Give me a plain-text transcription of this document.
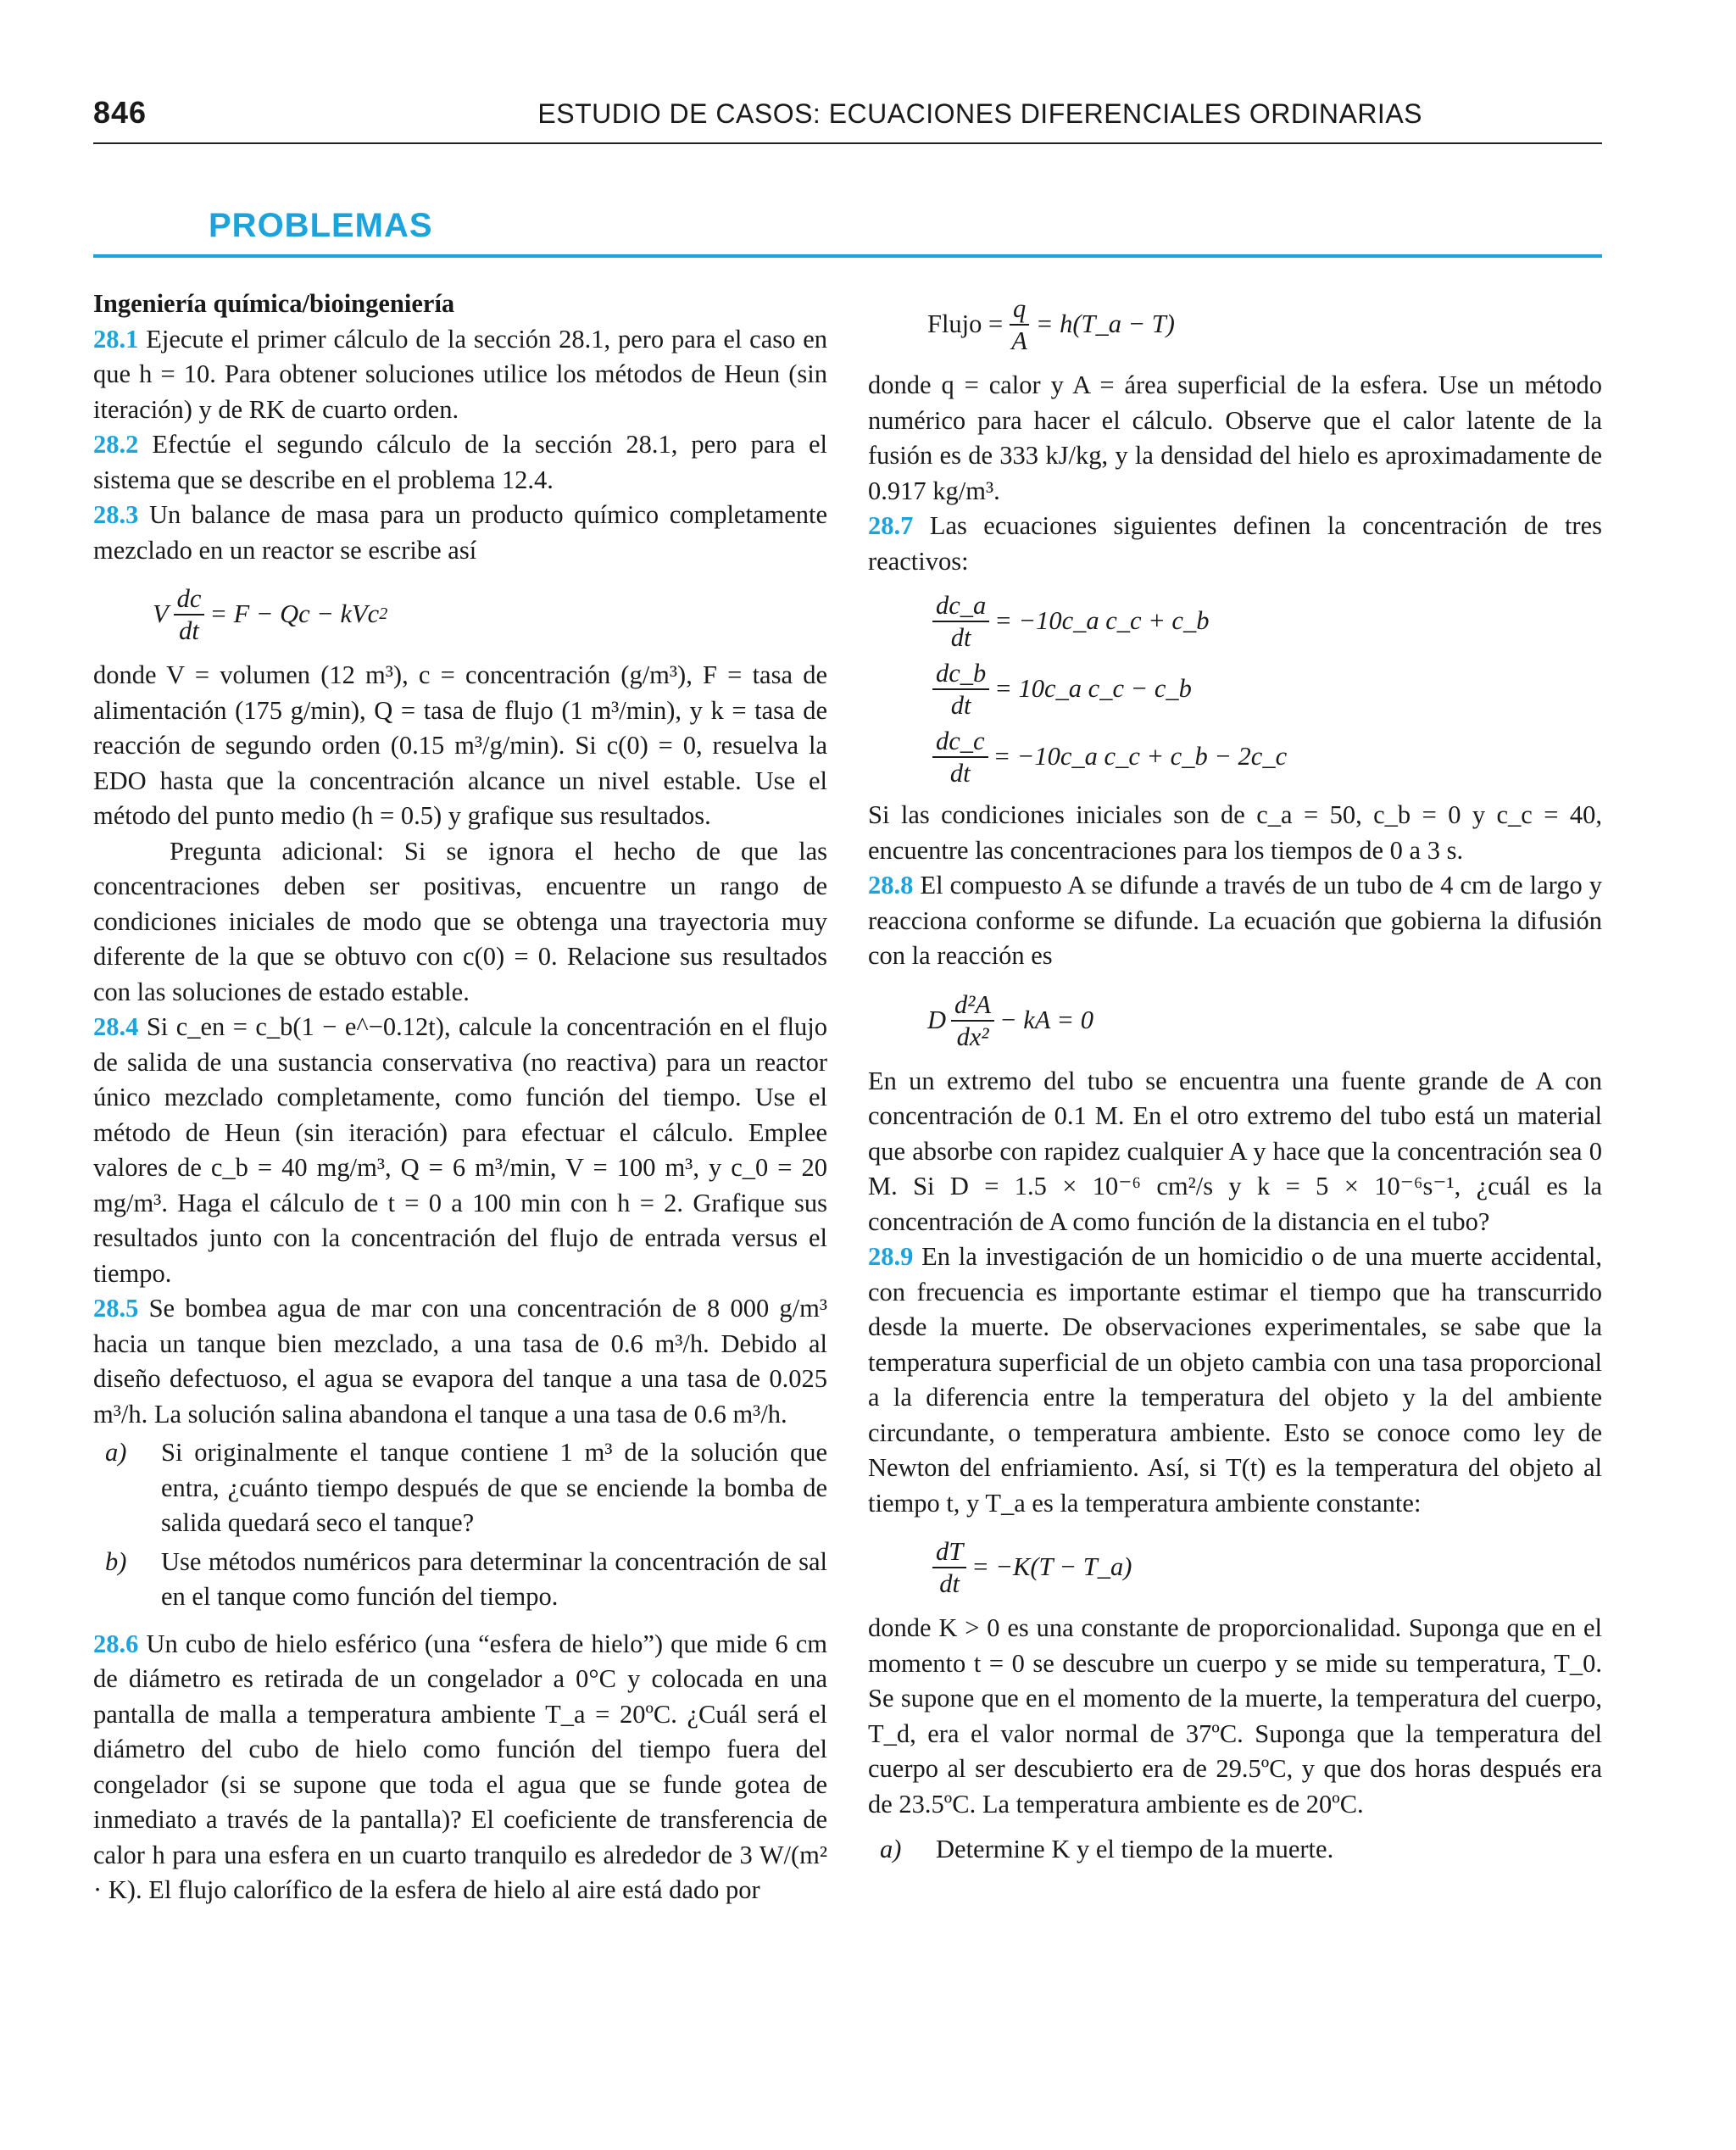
846	ESTUDIO DE CASOS: ECUACIONES DIFERENCIALES ORDINARIAS
PROBLEMAS

Ingeniería química/bioingeniería

28.1 Ejecute el primer cálculo de la sección 28.1, pero para el caso en que h = 10. Para obtener soluciones utilice los métodos de Heun (sin iteración) y de RK de cuarto orden.

28.2 Efectúe el segundo cálculo de la sección 28.1, pero para el sistema que se describe en el problema 12.4.

28.3 Un balance de masa para un producto químico completamente mezclado en un reactor se escribe así

V $\frac{dc}{dt} = F - Qc$ − kVc 2

donde V = volumen (12 m³), c = concentración (g/m³), F = tasa de alimentación (175 g/min), Q = tasa de flujo (1 m³/min), y k = tasa de reacción de segundo orden (0.15 m³/g/min). Si c(0) = 0, resuelva la EDO hasta que la concentración alcance un nivel estable. Use el método del punto medio (h = 0.5) y grafique sus resultados.

Pregunta adicional: Si se ignora el hecho de que las concentraciones deben ser positivas, encuentre un rango de condiciones iniciales de modo que se obtenga una trayectoria muy diferente de la que se obtuvo con c(0) = 0. Relacione sus resultados con las soluciones de estado estable.

28.4 Si c_en = c_b(1 − e^−0.12t), calcule la concentración en el flujo de salida de una sustancia conservativa (no reactiva) para un reactor único mezclado completamente, como función del tiempo. Use el método de Heun (sin iteración) para efectuar el cálculo. Emplee valores de c_b = 40 mg/m³, Q = 6 m³/min, V = 100 m³, y c_0 = 20 mg/m³. Haga el cálculo de t = 0 a 100 min con h = 2. Grafique sus resultados junto con la concentración del flujo de entrada versus el tiempo.

28.5 Se bombea agua de mar con una concentración de 8 000 g/m³ hacia un tanque bien mezclado, a una tasa de 0.6 m³/h. Debido al diseño defectuoso, el agua se evapora del tanque a una tasa de 0.025 m³/h. La solución salina abandona el tanque a una tasa de 0.6 m³/h.

a)	Si originalmente el tanque contiene 1 m³ de la solución que entra, ¿cuánto tiempo después de que se enciende la bomba de salida quedará seco el tanque?
b)	Use métodos numéricos para determinar la concentración de sal en el tanque como función del tiempo.

28.6 Un cubo de hielo esférico (una “esfera de hielo”) que mide 6 cm de diámetro es retirada de un congelador a 0°C y colocada en una pantalla de malla a temperatura ambiente T_a = 20ºC. ¿Cuál será el diámetro del cubo de hielo como función del tiempo fuera del congelador (si se supone que toda el agua que se funde gotea de inmediato a través de la pantalla)? El coeficiente de transferencia de calor h para una esfera en un cuarto tranquilo es alrededor de 3 W/(m² · K). El flujo calorífico de la esfera de hielo al aire está dado por

Flujo = $\frac{q}{A}$ = h(T_a − T)

donde q = calor y A = área superficial de la esfera. Use un método numérico para hacer el cálculo. Observe que el calor latente de la fusión es de 333 kJ/kg, y la densidad del hielo es aproximadamente de 0.917 kg/m³.

28.7 Las ecuaciones siguientes definen la concentración de tres reactivos:

$\frac{dc\_a}{dt}$ = −10c_a c_c + c_b
$\frac{dc\_b}{dt}$ = 10c_a c_c − c_b
$\frac{dc\_c}{dt}$ = −10c_a c_c + c_b − 2c_c

Si las condiciones iniciales son de c_a = 50, c_b = 0 y c_c = 40, encuentre las concentraciones para los tiempos de 0 a 3 s.

28.8 El compuesto A se difunde a través de un tubo de 4 cm de largo y reacciona conforme se difunde. La ecuación que gobierna la difusión con la reacción es

D $\frac{\text{d²A}}{\text{dx²}}$ − kA = 0

En un extremo del tubo se encuentra una fuente grande de A con concentración de 0.1 M. En el otro extremo del tubo está un material que absorbe con rapidez cualquier A y hace que la concentración sea 0 M. Si D = 1.5 × 10⁻⁶ cm²/s y k = 5 × 10⁻⁶s⁻¹, ¿cuál es la concentración de A como función de la distancia en el tubo?

28.9 En la investigación de un homicidio o de una muerte accidental, con frecuencia es importante estimar el tiempo que ha transcurrido desde la muerte. De observaciones experimentales, se sabe que la temperatura superficial de un objeto cambia con una tasa proporcional a la diferencia entre la temperatura del objeto y la del ambiente circundante, o temperatura ambiente. Esto se conoce como ley de Newton del enfriamiento. Así, si T(t) es la temperatura del objeto al tiempo t, y T_a es la temperatura ambiente constante:

$\frac{dT}{dt} = -K(T$ − T_a)

donde K > 0 es una constante de proporcionalidad. Suponga que en el momento t = 0 se descubre un cuerpo y se mide su temperatura, T_0. Se supone que en el momento de la muerte, la temperatura del cuerpo, T_d, era el valor normal de 37ºC. Suponga que la temperatura del cuerpo al ser descubierto era de 29.5ºC, y que dos horas después era de 23.5ºC. La temperatura ambiente es de 20ºC.

a)	Determine K y el tiempo de la muerte.
